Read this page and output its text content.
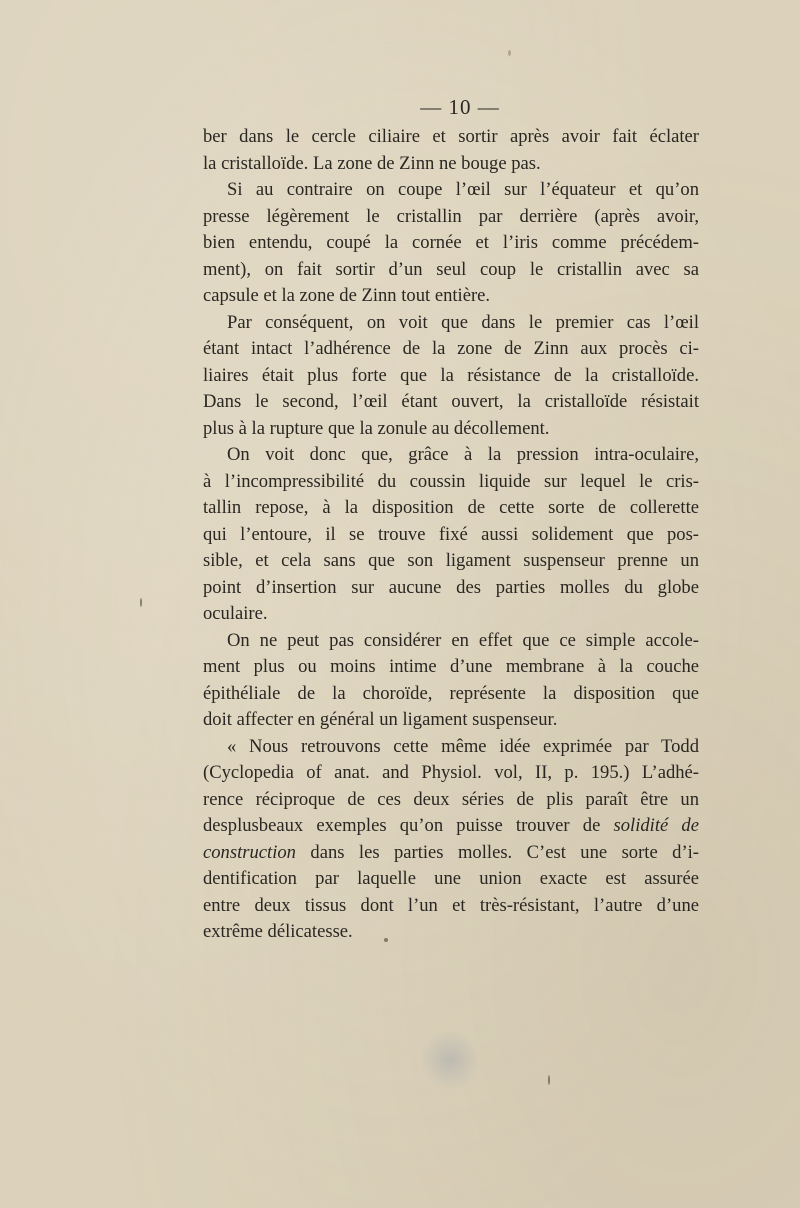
— 10 —
ber dans le cercle ciliaire et sortir après avoir fait éclater
la cristalloïde. La zone de Zinn ne bouge pas.
Si au contraire on coupe l’œil sur l’équateur et qu’on
presse légèrement le cristallin par derrière (après avoir,
bien entendu, coupé la cornée et l’iris comme précédem-
ment), on fait sortir d’un seul coup le cristallin avec sa
capsule et la zone de Zinn tout entière.
Par conséquent, on voit que dans le premier cas l’œil
étant intact l’adhérence de la zone de Zinn aux procès ci-
liaires était plus forte que la résistance de la cristalloïde.
Dans le second, l’œil étant ouvert, la cristalloïde résistait
plus à la rupture que la zonule au décollement.
On voit donc que, grâce à la pression intra-oculaire,
à l’incompressibilité du coussin liquide sur lequel le cris-
tallin repose, à la disposition de cette sorte de collerette
qui l’entoure, il se trouve fixé aussi solidement que pos-
sible, et cela sans que son ligament suspenseur prenne un
point d’insertion sur aucune des parties molles du globe
oculaire.
On ne peut pas considérer en effet que ce simple accole-
ment plus ou moins intime d’une membrane à la couche
épithéliale de la choroïde, représente la disposition que
doit affecter en général un ligament suspenseur.
« Nous retrouvons cette même idée exprimée par Todd
(Cyclopedia of anat. and Physiol. vol, II, p. 195.) L’adhé-
rence réciproque de ces deux séries de plis paraît être un
desplusbeaux exemples qu’on puisse trouver de solidité de
construction dans les parties molles. C’est une sorte d’i-
dentification par laquelle une union exacte est assurée
entre deux tissus dont l’un et très-résistant, l’autre d’une
extrême délicatesse.
